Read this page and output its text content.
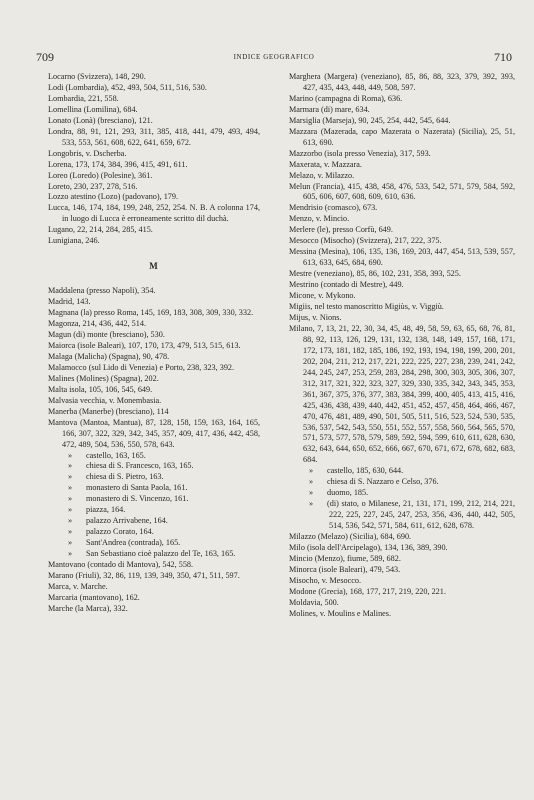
709	INDICE GEOGRAFICO	710
Locarno (Svizzera), 148, 290.
Lodi (Lombardia), 452, 493, 504, 511, 516, 530.
Lombardia, 221, 558.
Lomellina (Lomilina), 684.
Lonato (Lonà) (bresciano), 121.
Londra, 88, 91, 121, 293, 311, 385, 418, 441, 479, 493, 494, 533, 553, 561, 608, 622, 641, 659, 672.
Longobris, v. Dscherba.
Lorena, 173, 174, 384, 396, 415, 491, 611.
Loreo (Loredo) (Polesine), 361.
Loreto, 230, 237, 278, 516.
Lozzo atestino (Lozo) (padovano), 179.
Lucca, 146, 174, 184, 199, 248, 252, 254. N. B. A colonna 174, in luogo di Lucca è erroneamente scritto dil duchà.
Lugano, 22, 214, 284, 285, 415.
Lunigiana, 246.
M
Maddalena (presso Napoli), 354.
Madrid, 143.
Magnana (la) presso Roma, 145, 169, 183, 308, 309, 330, 332.
Magonza, 214, 436, 442, 514.
Magun (di) monte (bresciano), 530.
Maiorca (isole Baleari), 107, 170, 173, 479, 513, 515, 613.
Malaga (Malicha) (Spagna), 90, 478.
Malamocco (sul Lido di Venezia) e Porto, 238, 323, 392.
Malines (Molines) (Spagna), 202.
Malta isola, 105, 106, 545, 649.
Malvasia vecchia, v. Monembasia.
Manerba (Manerbe) (bresciano), 114
Mantova (Mantoa, Mantua), 87, 128, 158, 159, 163, 164, 165, 166, 307, 322, 329, 342, 345, 357, 409, 417, 436, 442, 458, 472, 489, 504, 536, 550, 578, 643.
» castello, 163, 165.
» chiesa di S. Francesco, 163, 165.
» chiesa di S. Pietro, 163.
» monastero di Santa Paola, 161.
» monastero di S. Vincenzo, 161.
» piazza, 164.
» palazzo Arrivabene, 164.
» palazzo Corato, 164.
» Sant'Andrea (contrada), 165.
» San Sebastiano cioè palazzo del Te, 163, 165.
Mantovano (contado di Mantova), 542, 558.
Marano (Friuli), 32, 86, 119, 139, 349, 350, 471, 511, 597.
Marca, v. Marche.
Marcaria (mantovano), 162.
Marche (la Marca), 332.
Marghera (Margera) (veneziano), 85, 86, 88, 323, 379, 392, 393, 427, 435, 443, 448, 449, 508, 597.
Marino (campagna di Roma), 636.
Marmara (di) mare, 634.
Marsiglia (Marseja), 90, 245, 254, 442, 545, 644.
Mazzara (Mazerada, capo Mazerata o Nazerata) (Sicilia), 25, 51, 613, 690.
Mazzorbo (isola presso Venezia), 317, 593.
Maxerata, v. Mazzara.
Melazo, v. Milazzo.
Melun (Francia), 415, 438, 458, 476, 533, 542, 571, 579, 584, 592, 605, 606, 607, 608, 609, 610, 636.
Mendrisio (comasco), 673.
Menzo, v. Mincio.
Merlere (le), presso Corfù, 649.
Mesocco (Misocho) (Svizzera), 217, 222, 375.
Messina (Mesina), 106, 135, 136, 169, 203, 447, 454, 513, 539, 557, 613, 633, 645, 684, 690.
Mestre (veneziano), 85, 86, 102, 231, 358, 393, 525.
Mestrino (contado di Mestre), 449.
Micone, v. Mykono.
Migiis, nel testo manoscritto Migiùs, v. Viggiù.
Mijus, v. Nions.
Milano, 7, 13, 21, 22, 30, 34, 45, 48, 49, 58, 59, 63, 65, 68, 76, 81, 88, 92, 113, 126, 129, 131, 132, 138, 148, 149, 157, 168, 171, 172, 173, 181, 182, 185, 186, 192, 193, 194, 198, 199, 200, 201, 202, 204, 211, 212, 217, 221, 222, 225, 227, 238, 239, 241, 242, 244, 245, 247, 253, 259, 283, 284, 298, 300, 303, 305, 306, 307, 312, 317, 321, 322, 323, 327, 329, 330, 335, 342, 343, 345, 353, 361, 367, 375, 376, 377, 383, 384, 399, 400, 405, 413, 415, 416, 425, 436, 438, 439, 440, 442, 451, 452, 457, 458, 464, 466, 467, 470, 476, 481, 489, 490, 501, 505, 511, 516, 523, 524, 530, 535, 536, 537, 542, 543, 550, 551, 552, 557, 558, 560, 564, 565, 570, 571, 573, 577, 578, 579, 589, 592, 594, 599, 610, 611, 628, 630, 632, 643, 644, 650, 652, 666, 667, 670, 671, 672, 678, 682, 683, 684.
» castello, 185, 630, 644.
» chiesa di S. Nazzaro e Celso, 376.
» duomo, 185.
» (di) stato, o Milanese, 21, 131, 171, 199, 212, 214, 221, 222, 225, 227, 245, 247, 253, 356, 436, 440, 442, 505, 514, 536, 542, 571, 584, 611, 612, 628, 678.
Milazzo (Melazo) (Sicilia), 684, 690.
Milo (isola dell'Arcipelago), 134, 136, 389, 390.
Mincio (Menzo), fiume, 589, 682.
Minorca (isole Baleari), 479, 543.
Misocho, v. Mesocco.
Modone (Grecia), 168, 177, 217, 219, 220, 221.
Moldavia, 500.
Molines, v. Moulins e Malines.
